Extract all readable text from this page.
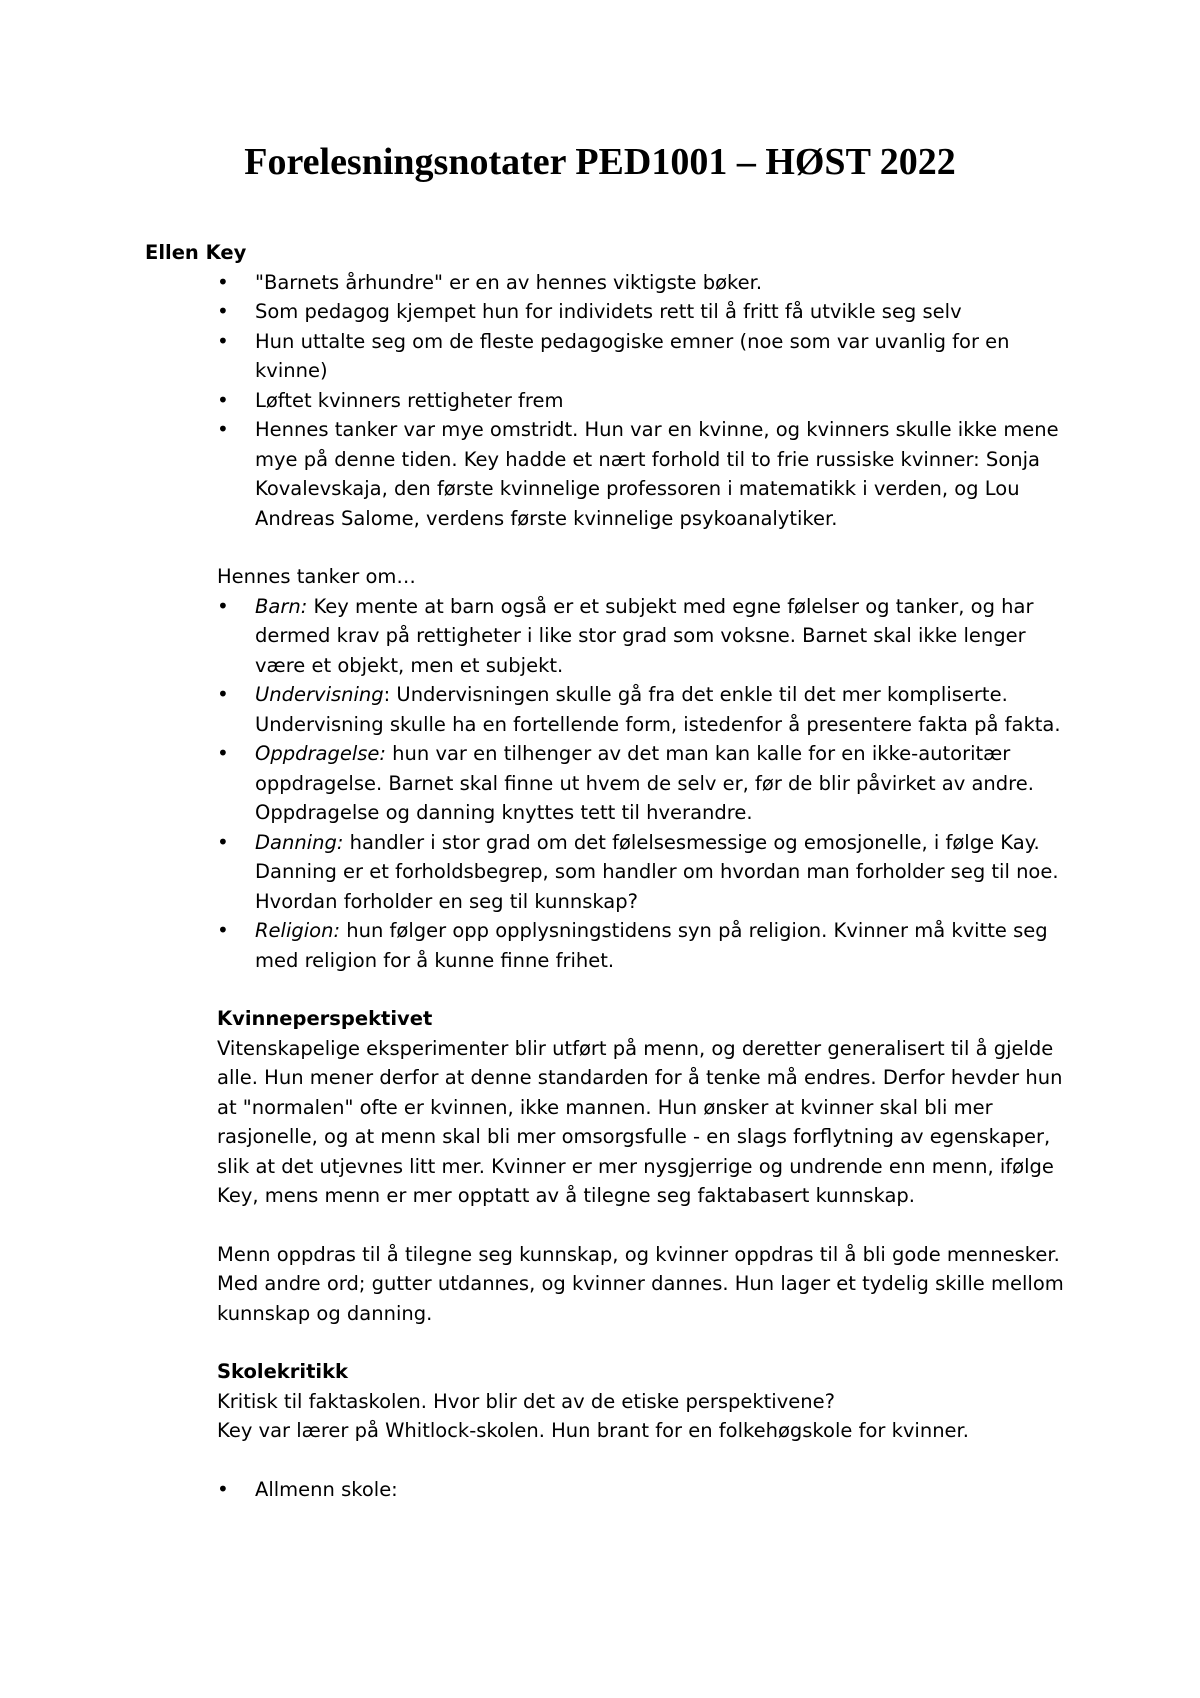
Forelesningsnotater PED1001 – HØST 2022

Ellen Key

• "Barnets århundre" er en av hennes viktigste bøker.
• Som pedagog kjempet hun for individets rett til å fritt få utvikle seg selv
• Hun uttalte seg om de fleste pedagogiske emner (noe som var uvanlig for en kvinne)
• Løftet kvinners rettigheter frem
• Hennes tanker var mye omstridt. Hun var en kvinne, og kvinners skulle ikke mene mye på denne tiden. Key hadde et nært forhold til to frie russiske kvinner: Sonja Kovalevskaja, den første kvinnelige professoren i matematikk i verden, og Lou Andreas Salome, verdens første kvinnelige psykoanalytiker.

Hennes tanker om…

• Barn: Key mente at barn også er et subjekt med egne følelser og tanker, og har dermed krav på rettigheter i like stor grad som voksne. Barnet skal ikke lenger være et objekt, men et subjekt.
• Undervisning: Undervisningen skulle gå fra det enkle til det mer kompliserte. Undervisning skulle ha en fortellende form, istedenfor å presentere fakta på fakta.
• Oppdragelse: hun var en tilhenger av det man kan kalle for en ikke-autoritær oppdragelse. Barnet skal finne ut hvem de selv er, før de blir påvirket av andre. Oppdragelse og danning knyttes tett til hverandre.
• Danning: handler i stor grad om det følelsesmessige og emosjonelle, i følge Kay. Danning er et forholdsbegrep, som handler om hvordan man forholder seg til noe. Hvordan forholder en seg til kunnskap?
• Religion: hun følger opp opplysningstidens syn på religion. Kvinner må kvitte seg med religion for å kunne finne frihet.

Kvinneperspektivet

Vitenskapelige eksperimenter blir utført på menn, og deretter generalisert til å gjelde alle. Hun mener derfor at denne standarden for å tenke må endres. Derfor hevder hun at "normalen" ofte er kvinnen, ikke mannen. Hun ønsker at kvinner skal bli mer rasjonelle, og at menn skal bli mer omsorgsfulle - en slags forflytning av egenskaper, slik at det utjevnes litt mer. Kvinner er mer nysgjerrige og undrende enn menn, ifølge Key, mens menn er mer opptatt av å tilegne seg faktabasert kunnskap.

Menn oppdras til å tilegne seg kunnskap, og kvinner oppdras til å bli gode mennesker. Med andre ord; gutter utdannes, og kvinner dannes. Hun lager et tydelig skille mellom kunnskap og danning.

Skolekritikk

Kritisk til faktaskolen. Hvor blir det av de etiske perspektivene?

Key var lærer på Whitlock-skolen. Hun brant for en folkehøgskole for kvinner.

• Allmenn skole:
